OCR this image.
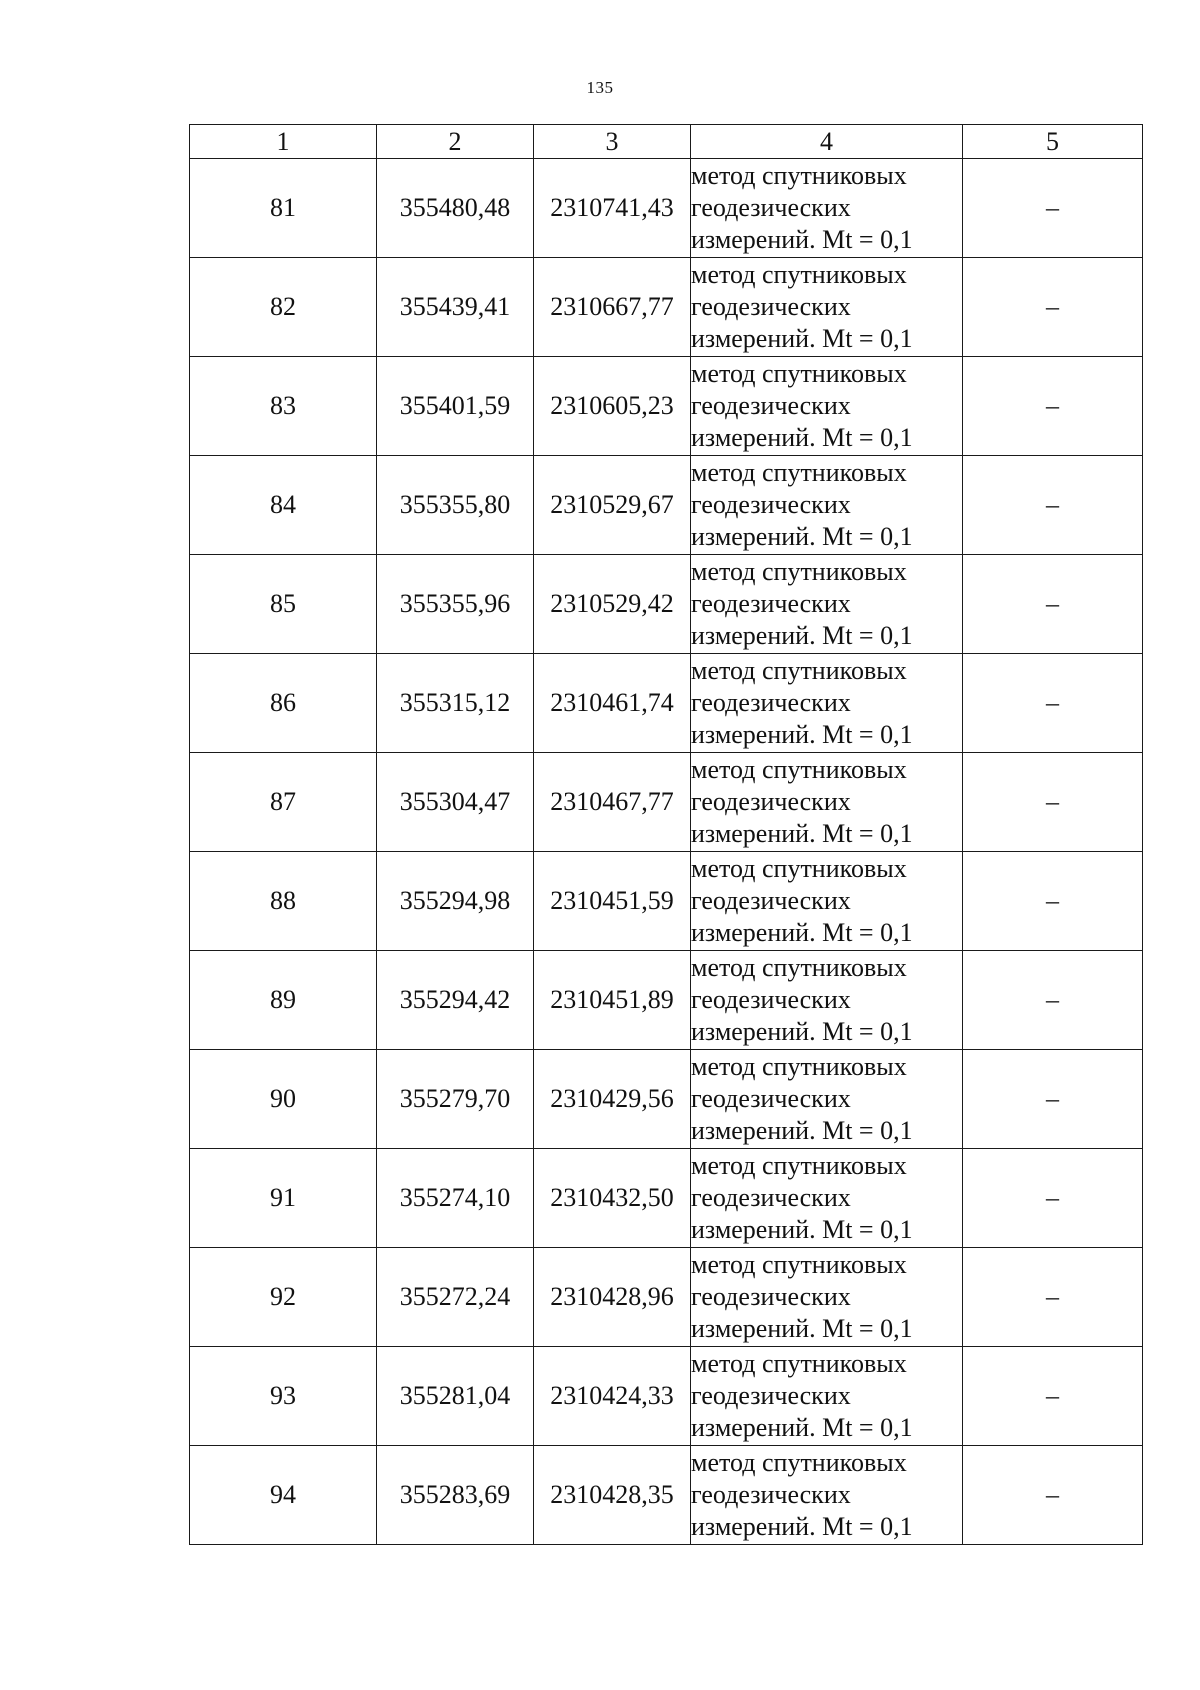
135
1	2	3	4	5
81	355480,48	2310741,43	метод спутниковых
геодезических
измерений. Mt = 0,1	–
82	355439,41	2310667,77	метод спутниковых
геодезических
измерений. Mt = 0,1	–
83	355401,59	2310605,23	метод спутниковых
геодезических
измерений. Mt = 0,1	–
84	355355,80	2310529,67	метод спутниковых
геодезических
измерений. Mt = 0,1	–
85	355355,96	2310529,42	метод спутниковых
геодезических
измерений. Mt = 0,1	–
86	355315,12	2310461,74	метод спутниковых
геодезических
измерений. Mt = 0,1	–
87	355304,47	2310467,77	метод спутниковых
геодезических
измерений. Mt = 0,1	–
88	355294,98	2310451,59	метод спутниковых
геодезических
измерений. Mt = 0,1	–
89	355294,42	2310451,89	метод спутниковых
геодезических
измерений. Mt = 0,1	–
90	355279,70	2310429,56	метод спутниковых
геодезических
измерений. Mt = 0,1	–
91	355274,10	2310432,50	метод спутниковых
геодезических
измерений. Mt = 0,1	–
92	355272,24	2310428,96	метод спутниковых
геодезических
измерений. Mt = 0,1	–
93	355281,04	2310424,33	метод спутниковых
геодезических
измерений. Mt = 0,1	–
94	355283,69	2310428,35	метод спутниковых
геодезических
измерений. Mt = 0,1	–
